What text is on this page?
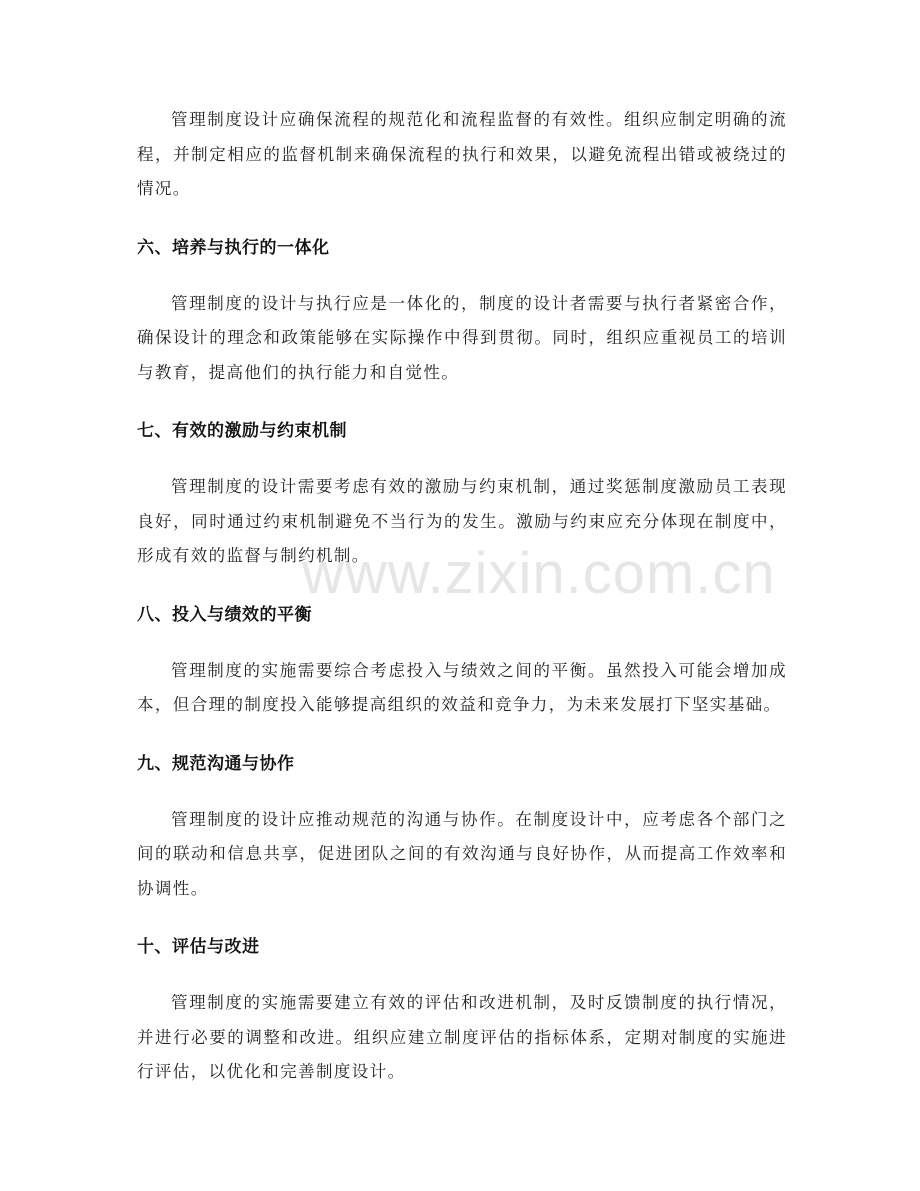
管理制度设计应确保流程的规范化和流程监督的有效性。组织应制定明确的流程，并制定相应的监督机制来确保流程的执行和效果，以避免流程出错或被绕过的情况。

六、培养与执行的一体化

管理制度的设计与执行应是一体化的，制度的设计者需要与执行者紧密合作，确保设计的理念和政策能够在实际操作中得到贯彻。同时，组织应重视员工的培训与教育，提高他们的执行能力和自觉性。

七、有效的激励与约束机制

管理制度的设计需要考虑有效的激励与约束机制，通过奖惩制度激励员工表现良好，同时通过约束机制避免不当行为的发生。激励与约束应充分体现在制度中，形成有效的监督与制约机制。

八、投入与绩效的平衡

管理制度的实施需要综合考虑投入与绩效之间的平衡。虽然投入可能会增加成本，但合理的制度投入能够提高组织的效益和竞争力，为未来发展打下坚实基础。

九、规范沟通与协作

管理制度的设计应推动规范的沟通与协作。在制度设计中，应考虑各个部门之间的联动和信息共享，促进团队之间的有效沟通与良好协作，从而提高工作效率和协调性。

十、评估与改进

管理制度的实施需要建立有效的评估和改进机制，及时反馈制度的执行情况，并进行必要的调整和改进。组织应建立制度评估的指标体系，定期对制度的实施进行评估，以优化和完善制度设计。

www.zixin.com.cn
